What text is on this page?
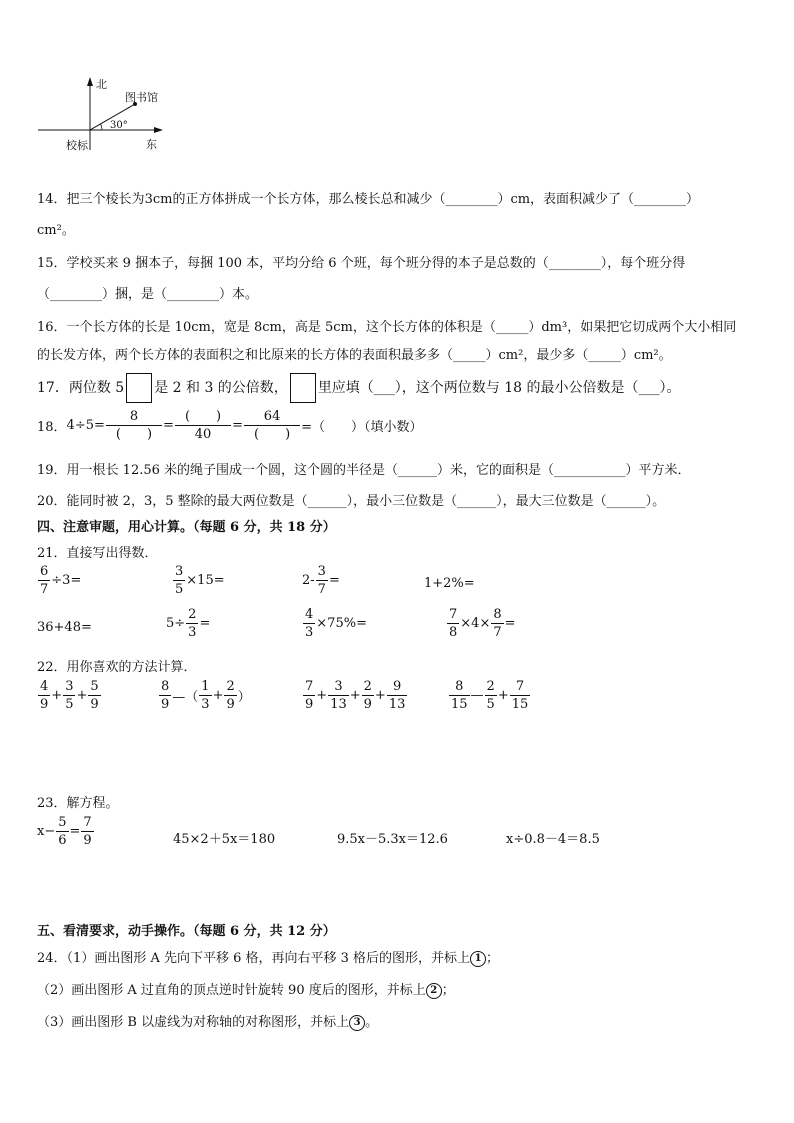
北
图书馆
30°
校标	东
14．把三个棱长为3cm的正方体拼成一个长方体，那么棱长总和减少（________）cm，表面积减少了（________）
cm²。
15．学校买来 9 捆本子，每捆 100 本，平均分给 6 个班，每个班分得的本子是总数的（________），每个班分得
（________）捆，是（________）本。
16．一个长方体的长是 10cm，宽是 8cm，高是 5cm，这个长方体的体积是（_____）dm³，如果把它切成两个大小相同
的长发方体，两个长方体的表面积之和比原来的长方体的表面积最多多（_____）cm²，最少多（_____）cm²。
17．两位数 5 是 2 和 3 的公倍数， 里应填（___），这个两位数与 18 的最小公倍数是（___）。
18．$4\div 5= \frac{8}{( )} = \frac{( )}{40} = \frac{64}{( )}$ =（　　）（填小数）
19．用一根长 12.56 米的绳子围成一个圆，这个圆的半径是（______）米，它的面积是（___________）平方米．
20．能同时被 2，3，5 整除的最大两位数是（______），最小三位数是（______），最大三位数是（______）。
四、注意审题，用心计算。（每题 6 分，共 18 分）
21．直接写出得数．
$\frac{6}{7} \div 3=$	$\frac{3}{5} \times 15=$	$2- \frac{3}{7}$ =	1+2%=
36+48=	$5\div \frac{2}{3}$ =	$\frac{4}{3} \times 75\%=$	$\frac{7}{8} \times 4\times \frac{8}{7}$ =
22．用你喜欢的方法计算．
$\frac{4}{9} + \frac{3}{5} + \frac{5}{9}$	$\frac{8}{9}$ —（ $\frac{1}{3} + \frac{2}{9}$ ）	$\frac{7}{9} + \frac{3}{13} + \frac{2}{9} + \frac{9}{13}$	$\frac{8}{15}$ — $\frac{2}{5} + \frac{7}{15}$
23．解方程。
$x- \frac{5}{6} = \frac{7}{9}$	45×2＋5x＝180	9.5x－5.3x＝12.6	x÷0.8－4＝8.5
五、看清要求，动手操作。（每题 6 分，共 12 分）
24．（1）画出图形 A 先向下平移 6 格，再向右平移 3 格后的图形，并标上 1 ；
（2）画出图形 A 过直角的顶点逆时针旋转 90 度后的图形，并标上 2 ；
（3）画出图形 B 以虚线为对称轴的对称图形，并标上 3 。
